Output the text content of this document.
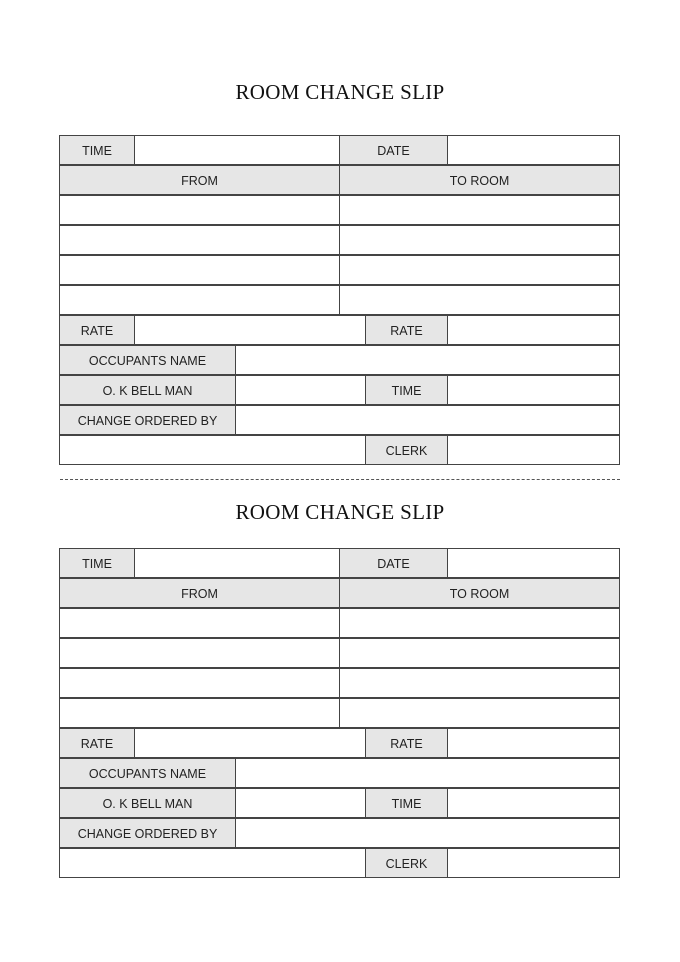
ROOM CHANGE SLIP
TIME	DATE
FROM	TO ROOM
RATE	RATE
OCCUPANTS NAME
O. K BELL MAN	TIME
CHANGE ORDERED BY
CLERK
ROOM CHANGE SLIP
TIME	DATE
FROM	TO ROOM
RATE	RATE
OCCUPANTS NAME
O. K BELL MAN	TIME
CHANGE ORDERED BY
CLERK
